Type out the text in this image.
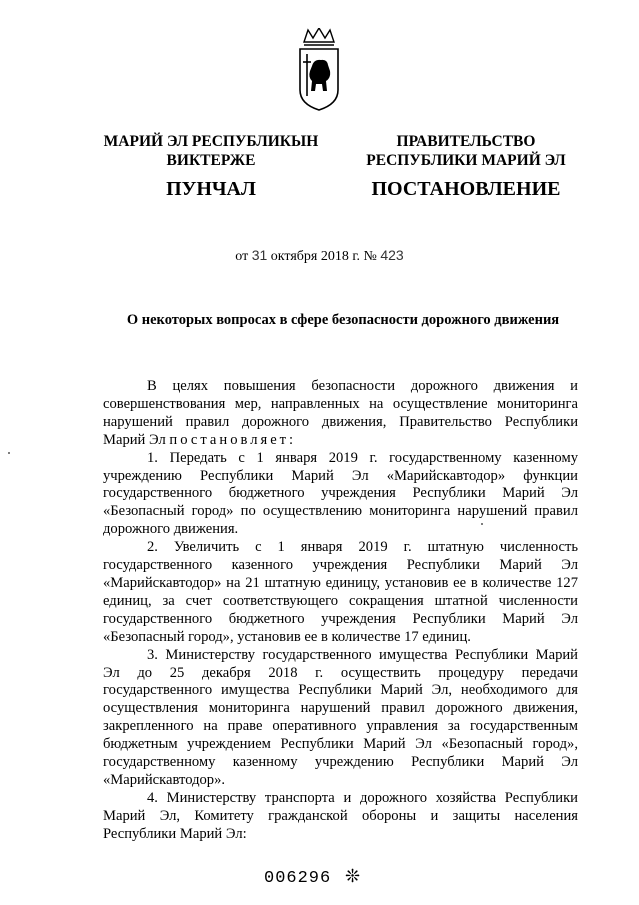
МАРИЙ ЭЛ РЕСПУБЛИКЫН
ВИКТЕРЖЕ
ПРАВИТЕЛЬСТВО
РЕСПУБЛИКИ МАРИЙ ЭЛ
ПУНЧАЛ	ПОСТАНОВЛЕНИЕ
от 31 октября 2018 г. № 423
О некоторых вопросах в сфере безопасности дорожного движения

В целях повышения безопасности дорожного движения и совершенствования мер, направленных на осуществление мониторинга нарушений правил дорожного движения, Правительство Республики Марий Эл постановляет:

1. Передать с 1 января 2019 г. государственному казенному учреждению Республики Марий Эл «Марийскавтодор» функции государственного бюджетного учреждения Республики Марий Эл «Безопасный город» по осуществлению мониторинга нарушений правил дорожного движения.

2. Увеличить с 1 января 2019 г. штатную численность государственного казенного учреждения Республики Марий Эл «Марийскавтодор» на 21 штатную единицу, установив ее в количестве 127 единиц, за счет соответствующего сокращения штатной численности государственного бюджетного учреждения Республики Марий Эл «Безопасный город», установив ее в количестве 17 единиц.

3. Министерству государственного имущества Республики Марий Эл до 25 декабря 2018 г. осуществить процедуру передачи государственного имущества Республики Марий Эл, необходимого для осуществления мониторинга нарушений правил дорожного движения, закрепленного на праве оперативного управления за государственным бюджетным учреждением Республики Марий Эл «Безопасный город», государственному казенному учреждению Республики Марий Эл «Марийскавтодор».

4. Министерству транспорта и дорожного хозяйства Республики Марий Эл, Комитету гражданской обороны и защиты населения Республики Марий Эл:

006296 ❊
